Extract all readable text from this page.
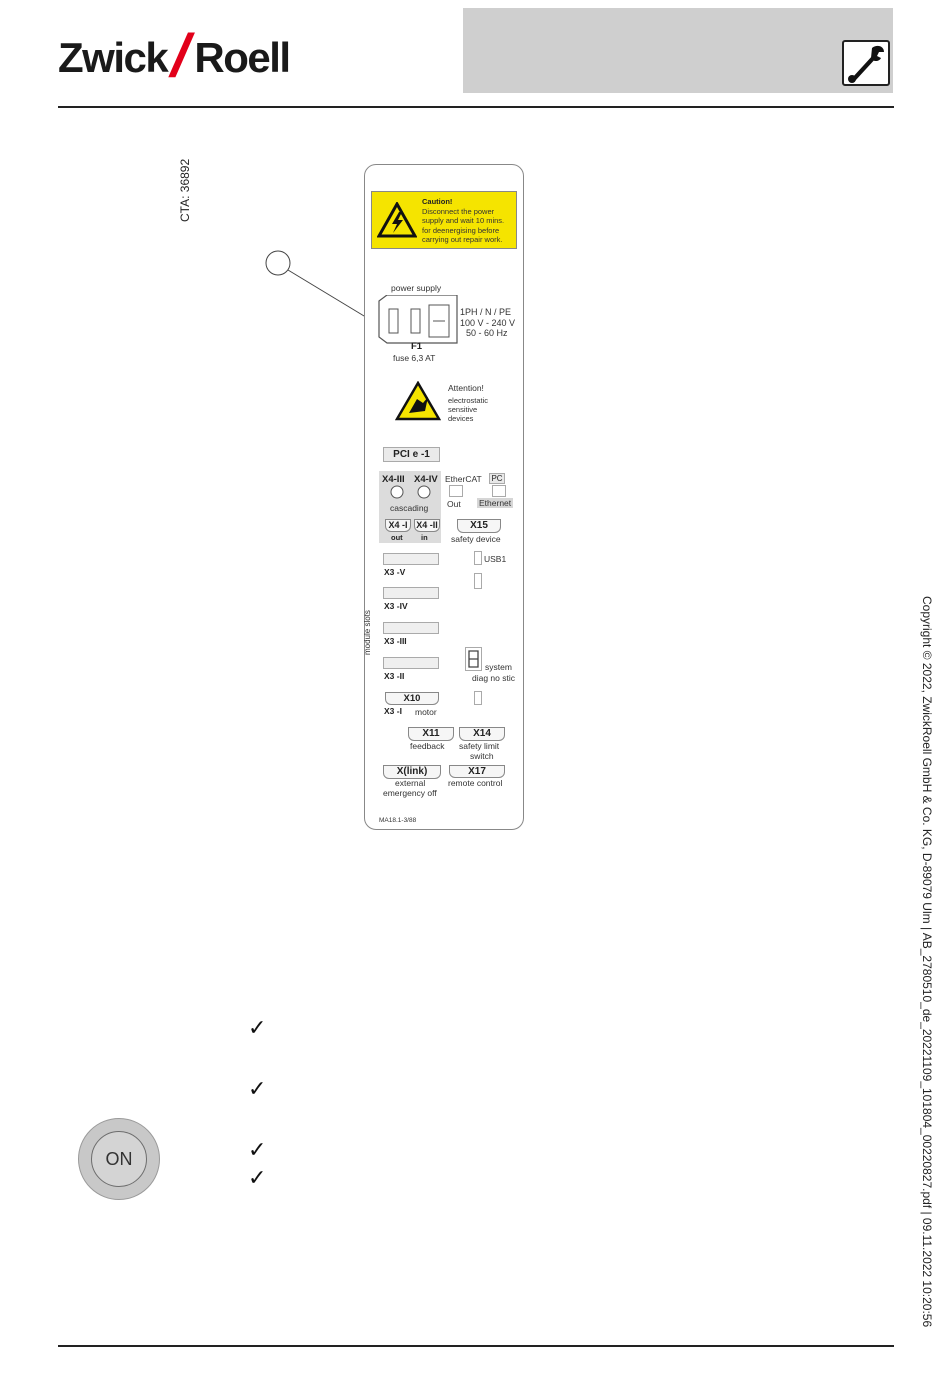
Zwick/Roell
CTA: 36892	Caution!
Disconnect the power
supply and wait 10 mins.
for deenergising before
carrying out repair work.
power supply
1PH / N / PE
100 V - 240 V
50 - 60 Hz
F1
fuse 6,3 AT
Attention!
electrostatic
sensitive
devices
PCI e -1
X4-III X4-IV
cascading
X4 -I X4 -II
out in
EtherCAT	PC
Out Ethernet
X15
safety device
X3 -V
X3 -IV
X3 -III
X3 -II
X3 -I
X10
motor
module slots
USB1
system
diag no stic
X11
feedback
X14
safety limit
switch
X(link)
external
emergency off
X17
remote control
MA18.1-3/88
✓
✓
✓
✓
ON	Copyright © 2022, ZwickRoell GmbH & Co. KG, D-89079 Ulm | AB_2780510_de_20221109_101804_00220827.pdf | 09.11.2022 10:20:56
